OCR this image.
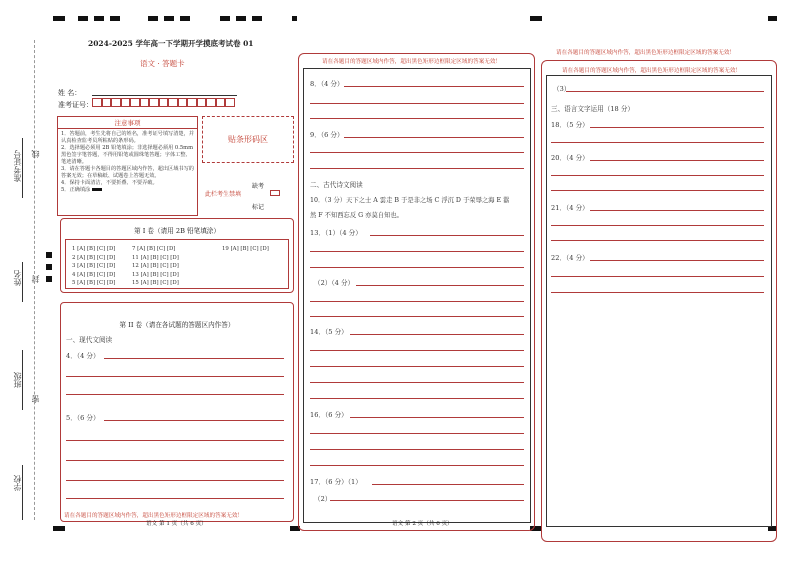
准考证号 线
姓名 封
班级
密
学校
2024-2025 学年高一下学期开学摸底考试卷 01
语文 · 答题卡
姓 名：
准考证号：
注意事项
1．答题前，考生先将自己的姓名，准考证号填写清楚，并认真检查监考员所粘贴的条形码。
2．选择题必须用 2B 铅笔填涂；非选择题必须用 0.5mm 黑色签字笔答题，不得用铅笔或圆珠笔答题；字体工整、笔迹清晰。
3．请在答题卡各题目的答题区域内作答，超出区域书写的答案无效；在草稿纸、试题卷上答题无效。
4．保持卡面清洁，不要折叠、不要弄破。
5．正确填涂
贴条形码区
此栏考生禁填
缺考
标记
第 I 卷（请用 2B 铅笔填涂）
1 [A] [B] [C] [D]
2 [A] [B] [C] [D]
3 [A] [B] [C] [D]
4 [A] [B] [C] [D]
5 [A] [B] [C] [D]
7 [A] [B] [C] [D]
11 [A] [B] [C] [D]
12 [A] [B] [C] [D]
13 [A] [B] [C] [D]
15 [A] [B] [C] [D]
19 [A] [B] [C] [D]
第 II 卷（请在各试题的答题区内作答）
一、现代文阅读
4．（4 分）
5．（6 分）
请在各题目的答题区域内作答，超出黑色矩形边框限定区域的答案无效！
语文 第 1 页（共 6 页）
请在各题目的答题区域内作答，超出黑色矩形边框限定区域的答案无效！
8．（4 分）
9．（6 分）
二、古代诗文阅读
10．（3 分）天下之士 A 雲走 B 于是非之场 C 浮沉 D 于荣辱之海 E 嚣
然 F 不知西忘反 G 亦莫自知也。
13．（1）（4 分）
（2）（4 分）
14．（5 分）
16．（6 分）
17．（6 分）（1）
（2）
语文 第 2 页（共 6 页）
请在各题目的答题区域内作答，超出黑色矩形边框限定区域的答案无效！
请在各题目的答题区域内作答，超出黑色矩形边框限定区域的答案无效！
（3）
三、语言文字运用（18 分）
18．（5 分）
20．（4 分）
21．（4 分）
22．（4 分）
